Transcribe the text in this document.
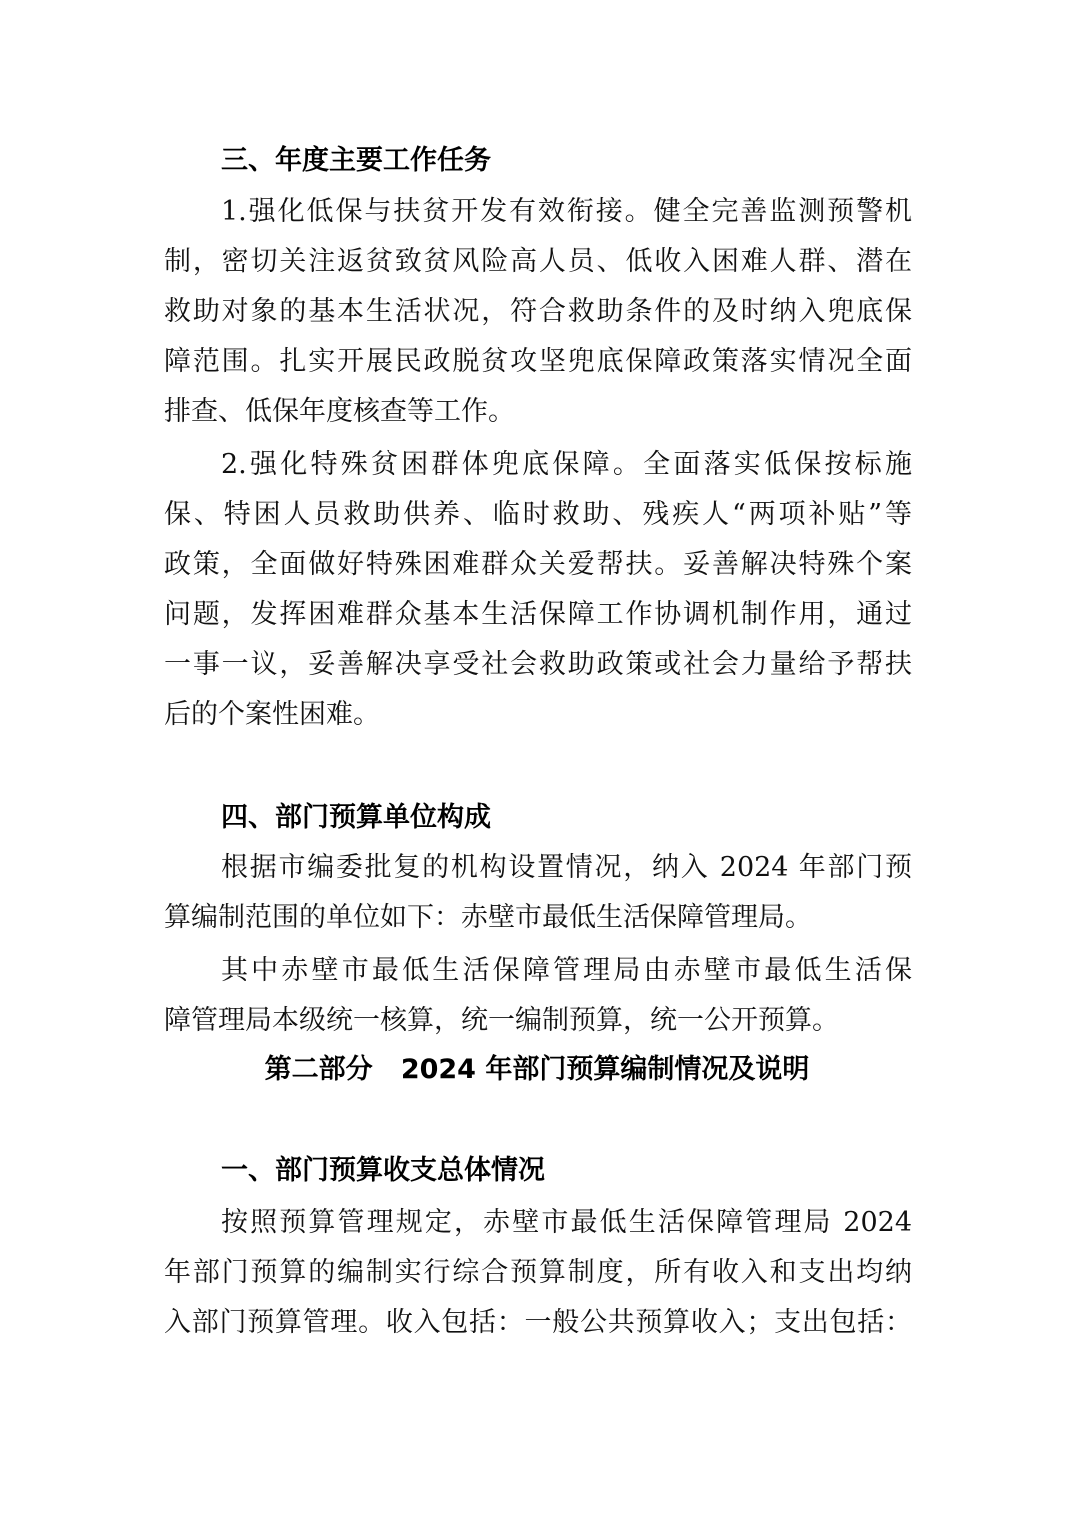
三、年度主要工作任务
1.强化低保与扶贫开发有效衔接。健全完善监测预警机
制，密切关注返贫致贫风险高人员、低收入困难人群、潜在
救助对象的基本生活状况，符合救助条件的及时纳入兜底保
障范围。扎实开展民政脱贫攻坚兜底保障政策落实情况全面
排查、低保年度核查等工作。
2.强化特殊贫困群体兜底保障。全面落实低保按标施
保、特困人员救助供养、临时救助、残疾人“两项补贴”等
政策，全面做好特殊困难群众关爱帮扶。妥善解决特殊个案
问题，发挥困难群众基本生活保障工作协调机制作用，通过
一事一议，妥善解决享受社会救助政策或社会力量给予帮扶
后的个案性困难。
四、部门预算单位构成
根据市编委批复的机构设置情况，纳入 2024 年部门预
算编制范围的单位如下：赤壁市最低生活保障管理局。
其中赤壁市最低生活保障管理局由赤壁市最低生活保
障管理局本级统一核算，统一编制预算，统一公开预算。
第二部分   2024 年部门预算编制情况及说明
一、部门预算收支总体情况
按照预算管理规定，赤壁市最低生活保障管理局 2024
年部门预算的编制实行综合预算制度，所有收入和支出均纳
入部门预算管理。收入包括：一般公共预算收入；支出包括：
